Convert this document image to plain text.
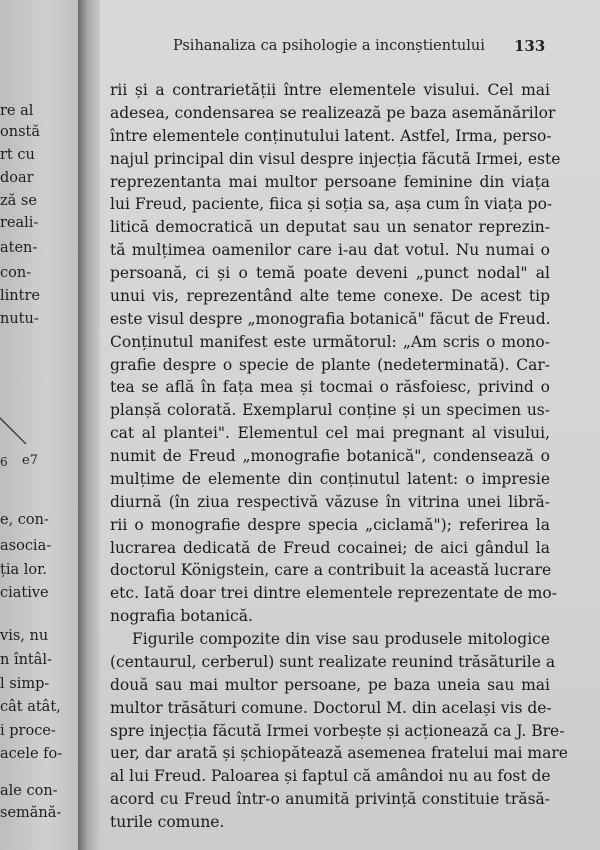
re al
onstă
rt cu
doar
ză se
reali-
aten-
con-
lintre
nutu-
6 e7
e, con-
asocia-
ția lor.
ciative
vis, nu
n întâl-
l simp-
cât atât,
i proce-
acele fo-
ale con-
semănă-
Psihanaliza ca psihologie a inconștientului 133
rii și a contrarietății între elementele visului. Cel mai
adesea, condensarea se realizează pe baza asemănărilor
între elementele conținutului latent. Astfel, Irma, perso-
najul principal din visul despre injecția făcută Irmei, este
reprezentanta mai multor persoane feminine din viața
lui Freud, paciente, fiica și soția sa, așa cum în viața po-
litică democratică un deputat sau un senator reprezin-
tă mulțimea oamenilor care i-au dat votul. Nu numai o
persoană, ci și o temă poate deveni „punct nodal" al
unui vis, reprezentând alte teme conexe. De acest tip
este visul despre „monografia botanică" făcut de Freud.
Conținutul manifest este următorul: „Am scris o mono-
grafie despre o specie de plante (nedeterminată). Car-
tea se află în fața mea și tocmai o răsfoiesc, privind o
planșă colorată. Exemplarul conține și un specimen us-
cat al plantei". Elementul cel mai pregnant al visului,
numit de Freud „monografie botanică", condensează o
mulțime de elemente din conținutul latent: o impresie
diurnă (în ziua respectivă văzuse în vitrina unei libră-
rii o monografie despre specia „ciclamă"); referirea la
lucrarea dedicată de Freud cocainei; de aici gândul la
doctorul Königstein, care a contribuit la această lucrare
etc. Iată doar trei dintre elementele reprezentate de mo-
nografia botanică.
Figurile compozite din vise sau produsele mitologice
(centaurul, cerberul) sunt realizate reunind trăsăturile a
două sau mai multor persoane, pe baza uneia sau mai
multor trăsături comune. Doctorul M. din același vis de-
spre injecția făcută Irmei vorbește și acționează ca J. Bre-
uer, dar arată și șchiopătează asemenea fratelui mai mare
al lui Freud. Paloarea și faptul că amândoi nu au fost de
acord cu Freud într-o anumită privință constituie trăsă-
turile comune.
